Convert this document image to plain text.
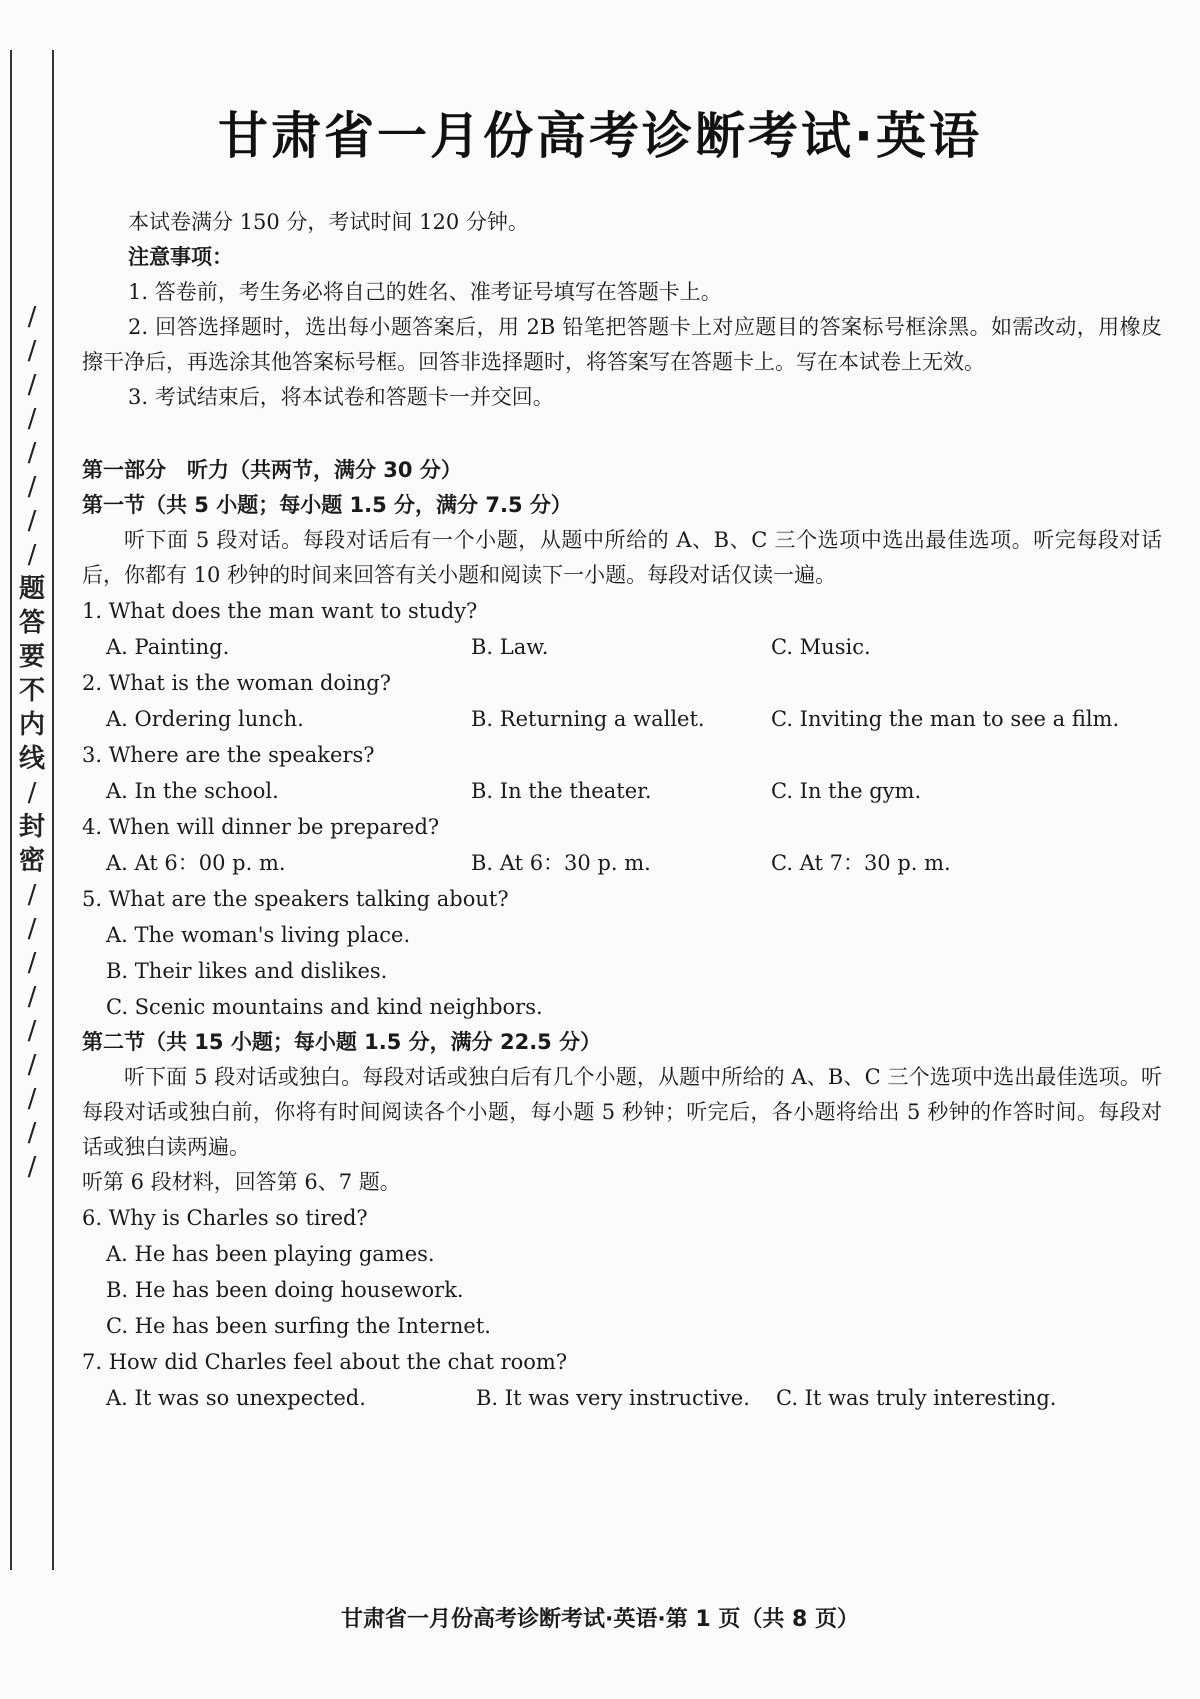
/
/
/
/
/
/
/
/
题
答
要
不
内
线
/
封
密
/
/
/
/
/
/
/
/
/
甘肃省一月份高考诊断考试·英语

本试卷满分 150 分，考试时间 120 分钟。

注意事项：

1. 答卷前，考生务必将自己的姓名、准考证号填写在答题卡上。

2. 回答选择题时，选出每小题答案后，用 2B 铅笔把答题卡上对应题目的答案标号框涂黑。如需改动，用橡皮擦干净后，再选涂其他答案标号框。回答非选择题时，将答案写在答题卡上。写在本试卷上无效。

3. 考试结束后，将本试卷和答题卡一并交回。

第一部分　听力（共两节，满分 30 分）

第一节（共 5 小题；每小题 1.5 分，满分 7.5 分）

听下面 5 段对话。每段对话后有一个小题，从题中所给的 A、B、C 三个选项中选出最佳选项。听完每段对话后，你都有 10 秒钟的时间来回答有关小题和阅读下一小题。每段对话仅读一遍。

1. What does the man want to study?

A. Painting.	B. Law.	C. Music.

2. What is the woman doing?

A. Ordering lunch.	B. Returning a wallet.	C. Inviting the man to see a film.

3. Where are the speakers?

A. In the school.	B. In the theater.	C. In the gym.

4. When will dinner be prepared?

A. At 6：00 p. m.	B. At 6：30 p. m.	C. At 7：30 p. m.

5. What are the speakers talking about?

A. The woman's living place.

B. Their likes and dislikes.

C. Scenic mountains and kind neighbors.

第二节（共 15 小题；每小题 1.5 分，满分 22.5 分）

听下面 5 段对话或独白。每段对话或独白后有几个小题，从题中所给的 A、B、C 三个选项中选出最佳选项。听每段对话或独白前，你将有时间阅读各个小题，每小题 5 秒钟；听完后，各小题将给出 5 秒钟的作答时间。每段对话或独白读两遍。

听第 6 段材料，回答第 6、7 题。

6. Why is Charles so tired?

A. He has been playing games.

B. He has been doing housework.

C. He has been surfing the Internet.

7. How did Charles feel about the chat room?

A. It was so unexpected.	B. It was very instructive.	C. It was truly interesting.
甘肃省一月份高考诊断考试·英语·第 1 页（共 8 页）
